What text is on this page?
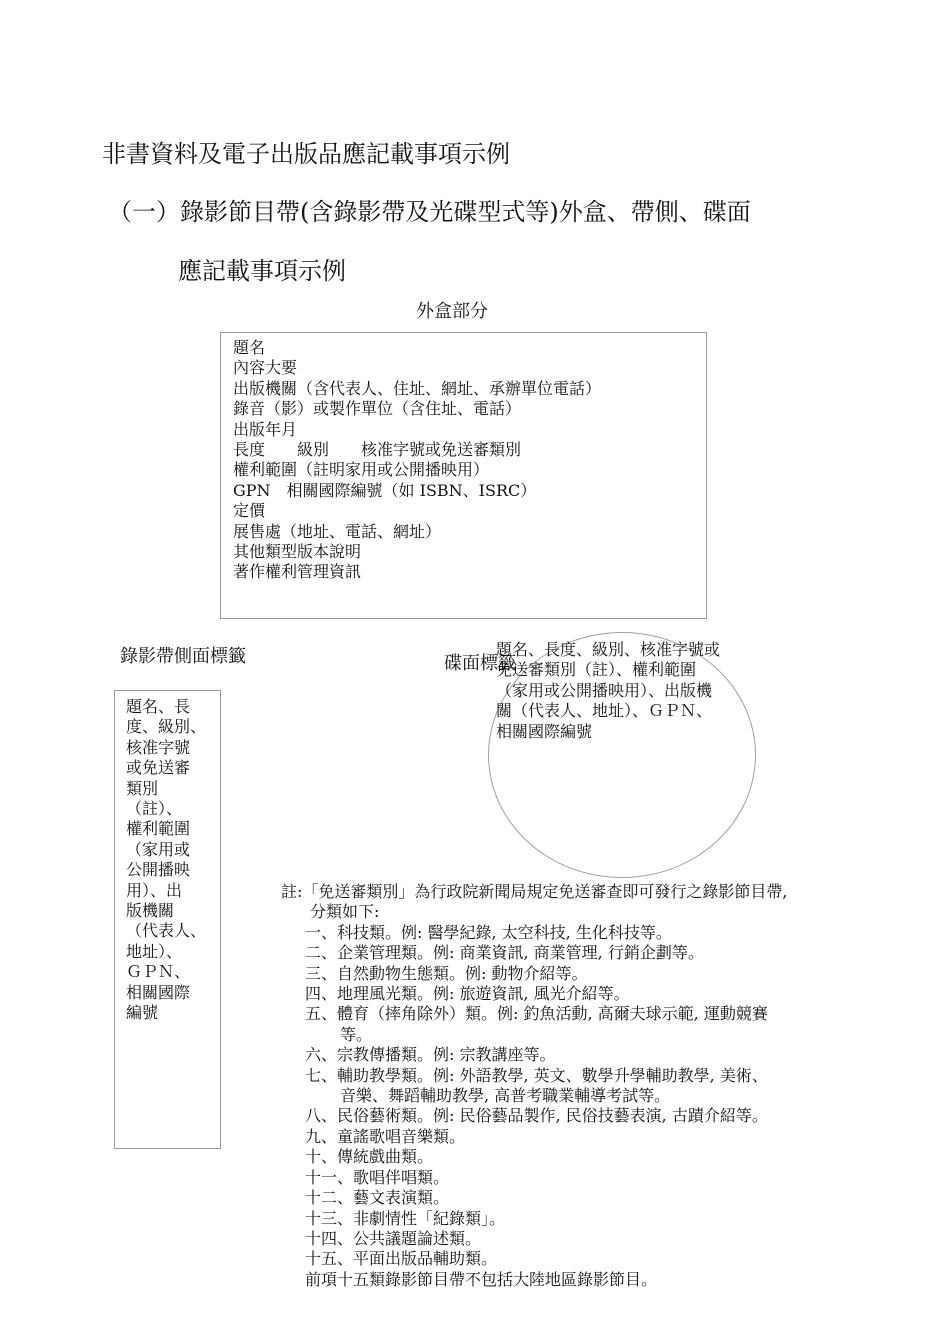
非書資料及電子出版品應記載事項示例
（一）錄影節目帶(含錄影帶及光碟型式等)外盒、帶側、碟面
應記載事項示例
外盒部分
題名
內容大要
出版機關（含代表人、住址、網址、承辦單位電話）
錄音（影）或製作單位（含住址、電話）
出版年月
長度　　級別　　核准字號或免送審類別
權利範圍（註明家用或公開播映用）
GPN　相關國際編號（如 ISBN、ISRC）
定價
展售處（地址、電話、網址）
其他類型版本說明
著作權利管理資訊
錄影帶側面標籤
題名、長
度、級別、
核准字號
或免送審
類別
（註）、
權利範圍
（家用或
公開播映
用）、出
版機關
（代表人、
地址）、
ＧＰＮ、
相關國際
編號
碟面標籤
題名、長度、級別、核准字號或
免送審類別（註）、權利範圍
（家用或公開播映用）、出版機
關（代表人、地址）、ＧＰＮ、
相關國際編號
註:「免送審類別」為行政院新聞局規定免送審查即可發行之錄影節目帶,
分類如下:
一、科技類。例: 醫學紀錄, 太空科技, 生化科技等。
二、企業管理類。例: 商業資訊, 商業管理, 行銷企劃等。
三、自然動物生態類。例: 動物介紹等。
四、地理風光類。例: 旅遊資訊, 風光介紹等。
五、體育（摔角除外）類。例: 釣魚活動, 高爾夫球示範, 運動競賽
等。
六、宗教傳播類。例: 宗教講座等。
七、輔助教學類。例: 外語教學, 英文、數學升學輔助教學, 美術、
音樂、舞蹈輔助教學, 高普考職業輔導考試等。
八、民俗藝術類。例: 民俗藝品製作, 民俗技藝表演, 古蹟介紹等。
九、童謠歌唱音樂類。
十、傳統戲曲類。
十一、歌唱伴唱類。
十二、藝文表演類。
十三、非劇情性「紀錄類」。
十四、公共議題論述類。
十五、平面出版品輔助類。
前項十五類錄影節目帶不包括大陸地區錄影節目。
